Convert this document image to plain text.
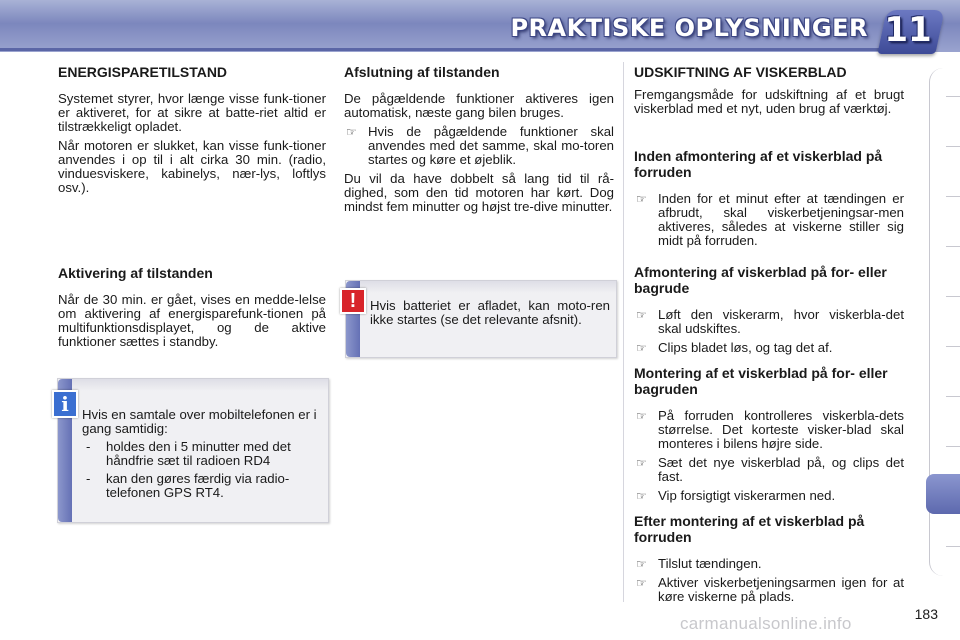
PRAKTISKE OPLYSNINGER 11
ENERGISPARETILSTAND

Systemet styrer, hvor længe visse funk-tioner er aktiveret, for at sikre at batte-riet altid er tilstrækkeligt opladet.

Når motoren er slukket, kan visse funk-tioner anvendes i op til i alt cirka 30 min. (radio, vinduesviskere, kabinelys, nær-lys, loftlys osv.).

Aktivering af tilstanden

Når de 30 min. er gået, vises en medde-lelse om aktivering af energisparefunk-tionen på multifunktionsdisplayet, og de aktive funktioner sættes i standby.

Hvis en samtale over mobiltelefonen er i gang samtidig:
- holdes den i 5 minutter med det håndfrie sæt til radioen RD4
- kan den gøres færdig via radio-telefonen GPS RT4.
i
Afslutning af tilstanden

De pågældende funktioner aktiveres igen automatisk, næste gang bilen bruges.

☞ Hvis de pågældende funktioner skal anvendes med det samme, skal mo-toren startes og køre et øjeblik.

Du vil da have dobbelt så lang tid til rå-dighed, som den tid motoren har kørt. Dog mindst fem minutter og højst tre-dive minutter.

Hvis batteriet er afladet, kan moto-ren ikke startes (se det relevante afsnit).
!
UDSKIFTNING AF VISKERBLAD

Fremgangsmåde for udskiftning af et brugt viskerblad med et nyt, uden brug af værktøj.

Inden afmontering af et viskerblad på forruden
☞ Inden for et minut efter at tændingen er afbrudt, skal viskerbetjeningsar-men aktiveres, således at viskerne stiller sig midt på forruden.
Afmontering af viskerblad på for- eller bagrude
☞ Løft den viskerarm, hvor viskerbla-det skal udskiftes.
☞ Clips bladet løs, og tag det af.
Montering af et viskerblad på for- eller bagruden
☞ På forruden kontrolleres viskerbla-dets størrelse. Det korteste visker-blad skal monteres i bilens højre side.
☞ Sæt det nye viskerblad på, og clips det fast.
☞ Vip forsigtigt viskerarmen ned.
Efter montering af et viskerblad på forruden
☞ Tilslut tændingen.
☞ Aktiver viskerbetjeningsarmen igen for at køre viskerne på plads.
183
carmanualsonline.info
